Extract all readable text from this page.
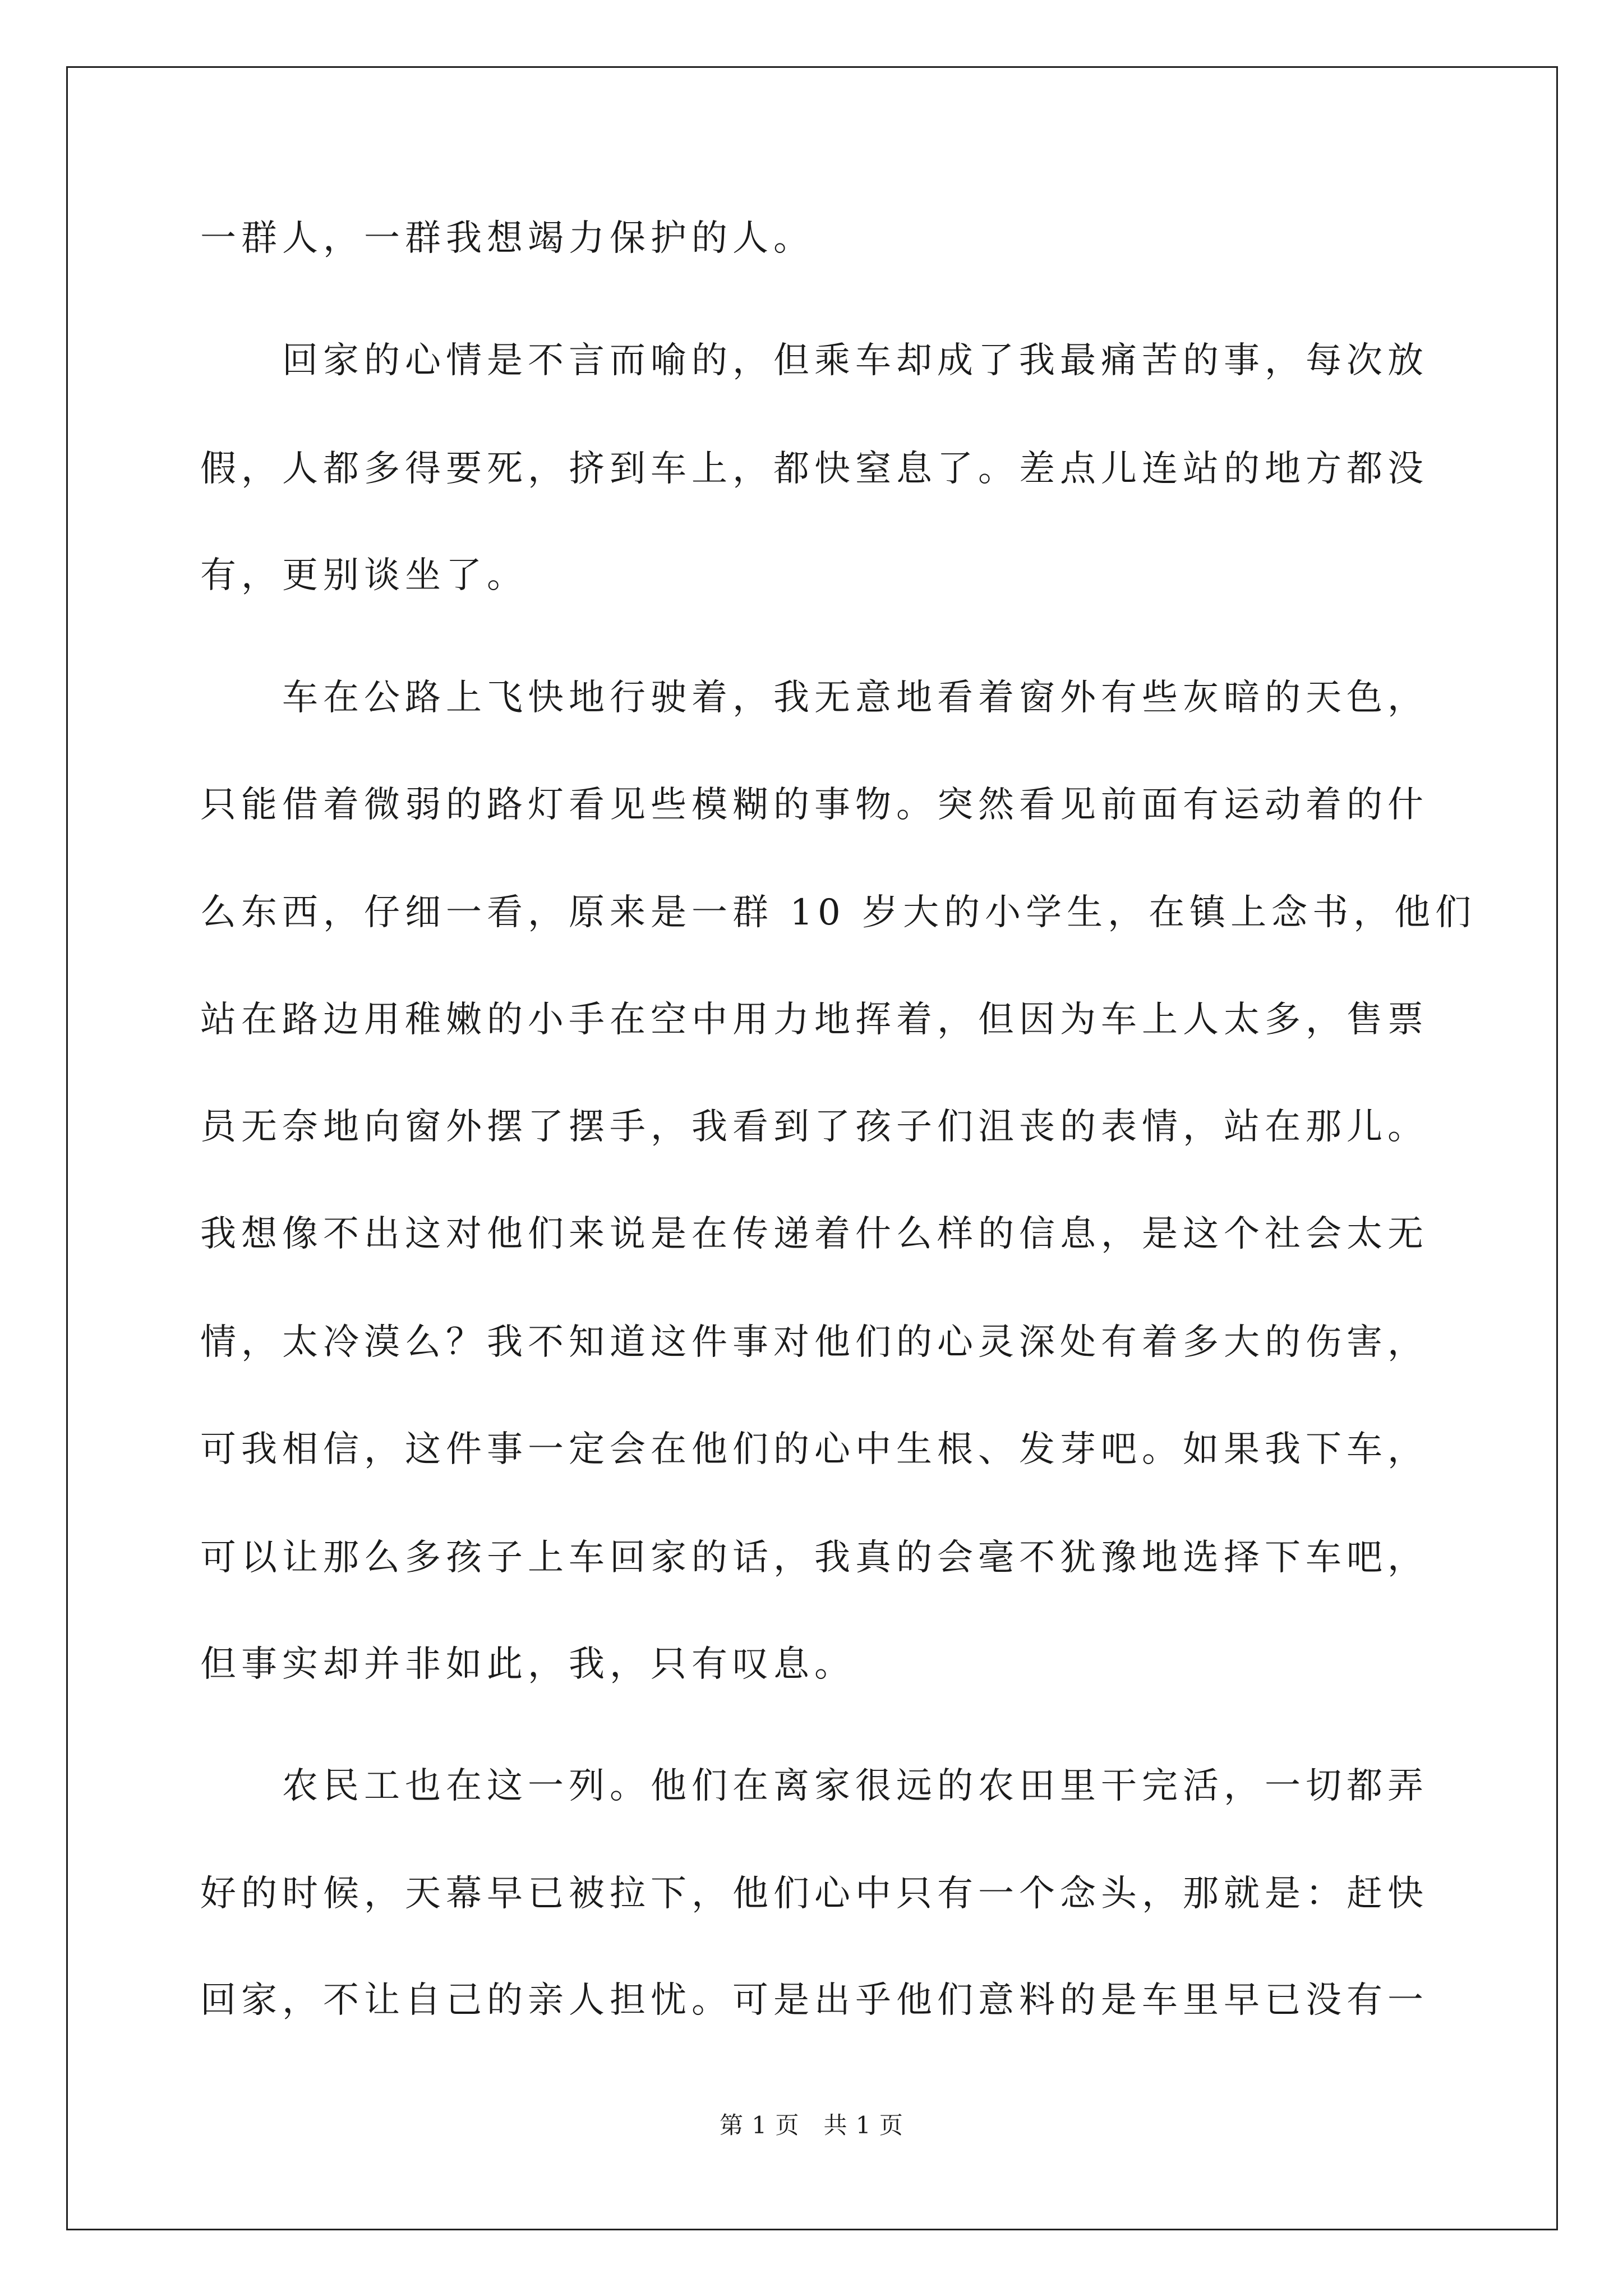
一群人，一群我想竭力保护的人。
　　回家的心情是不言而喻的，但乘车却成了我最痛苦的事，每次放
假，人都多得要死，挤到车上，都快窒息了。差点儿连站的地方都没
有，更别谈坐了。
　　车在公路上飞快地行驶着，我无意地看着窗外有些灰暗的天色，
只能借着微弱的路灯看见些模糊的事物。突然看见前面有运动着的什
么东西，仔细一看，原来是一群 10 岁大的小学生，在镇上念书，他们
站在路边用稚嫩的小手在空中用力地挥着，但因为车上人太多，售票
员无奈地向窗外摆了摆手，我看到了孩子们沮丧的表情，站在那儿。
我想像不出这对他们来说是在传递着什么样的信息，是这个社会太无
情，太冷漠么？我不知道这件事对他们的心灵深处有着多大的伤害，
可我相信，这件事一定会在他们的心中生根、发芽吧。如果我下车，
可以让那么多孩子上车回家的话，我真的会毫不犹豫地选择下车吧，
但事实却并非如此，我，只有叹息。
　　农民工也在这一列。他们在离家很远的农田里干完活，一切都弄
好的时候，天幕早已被拉下，他们心中只有一个念头，那就是：赶快
回家，不让自己的亲人担忧。可是出乎他们意料的是车里早已没有一
第 1 页　共 1 页
